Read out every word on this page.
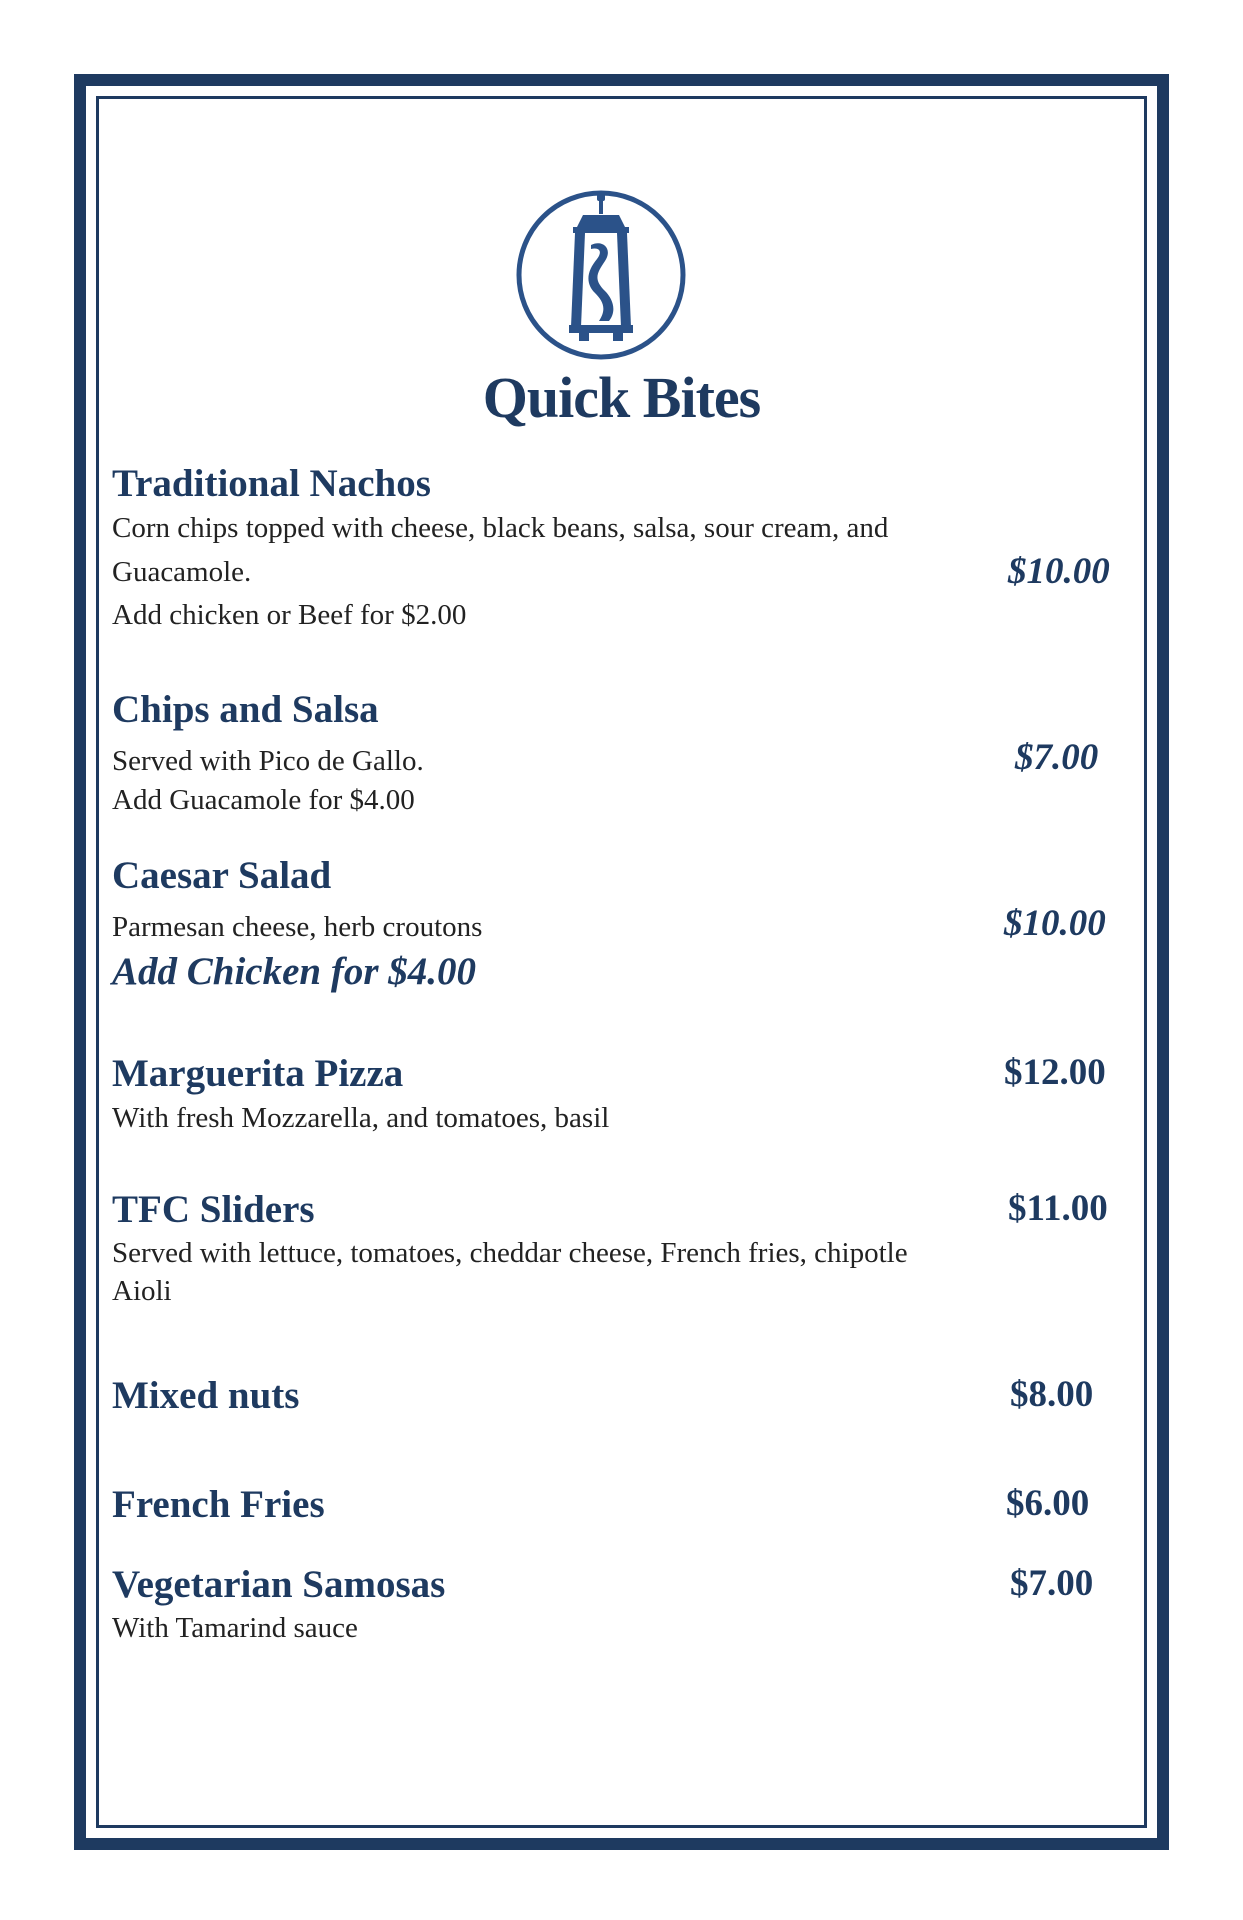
Quick Bites
Traditional Nachos
Corn chips topped with cheese, black beans, salsa, sour cream, and
Guacamole.
Add chicken or Beef for $2.00
$10.00
Chips and Salsa
Served with Pico de Gallo.
Add Guacamole for $4.00
$7.00
Caesar Salad
Parmesan cheese, herb croutons
Add Chicken for $4.00
$10.00
Marguerita Pizza
With fresh Mozzarella, and tomatoes, basil
$12.00
TFC Sliders
Served with lettuce, tomatoes, cheddar cheese, French fries, chipotle
Aioli
$11.00
Mixed nuts	$8.00
French Fries	$6.00
Vegetarian Samosas
With Tamarind sauce
$7.00
